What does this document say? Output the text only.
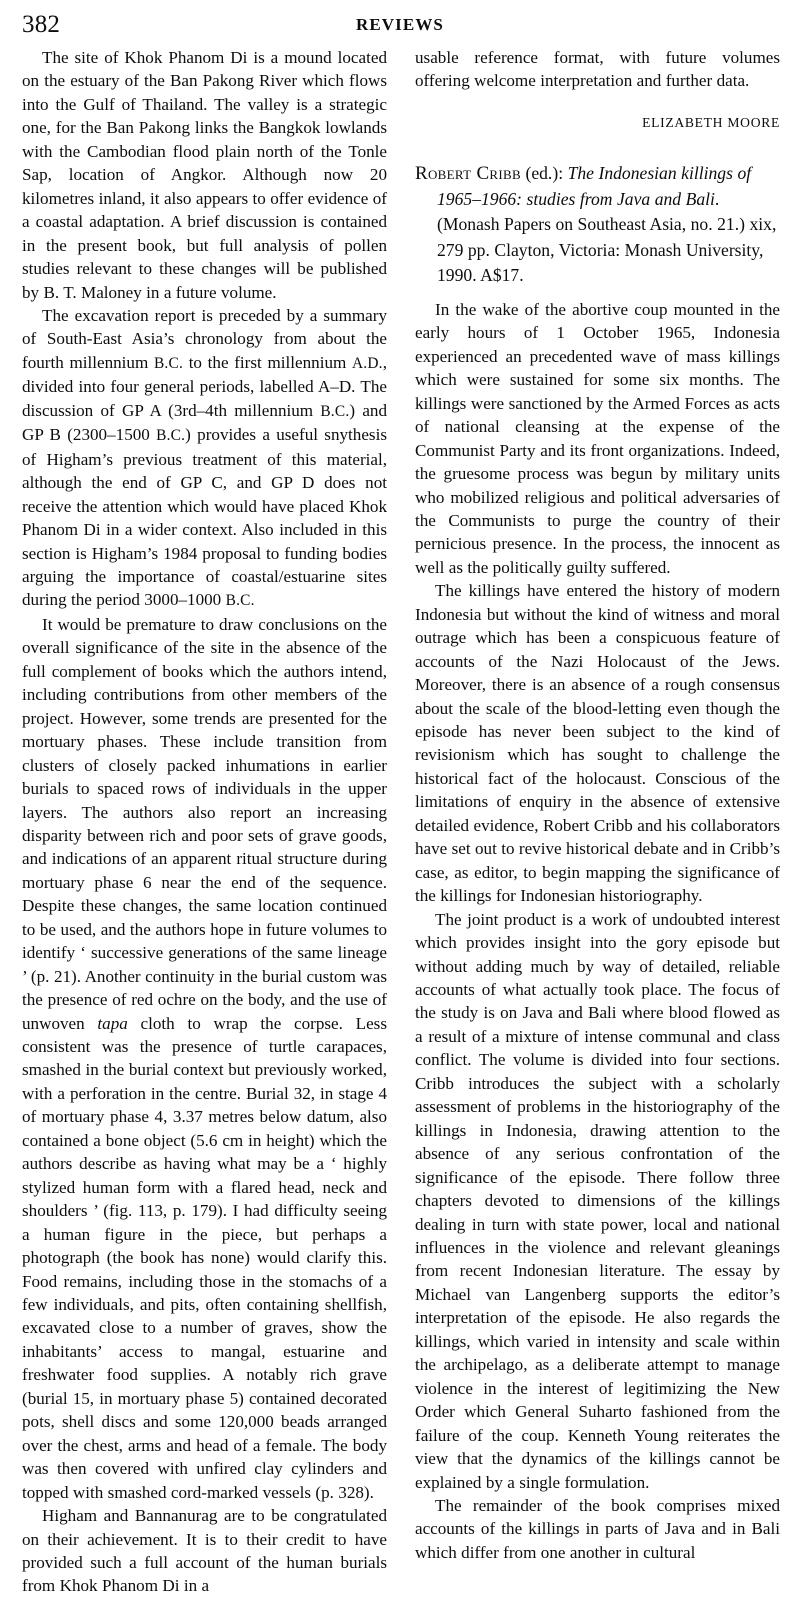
382	REVIEWS

The site of Khok Phanom Di is a mound located on the estuary of the Ban Pakong River which flows into the Gulf of Thailand. The valley is a strategic one, for the Ban Pakong links the Bangkok lowlands with the Cambodian flood plain north of the Tonle Sap, location of Angkor. Although now 20 kilometres inland, it also appears to offer evidence of a coastal adaptation. A brief discussion is contained in the present book, but full analysis of pollen studies relevant to these changes will be published by B. T. Maloney in a future volume.

The excavation report is preceded by a summary of South-East Asia’s chronology from about the fourth millennium B.C. to the first millennium A.D., divided into four general periods, labelled A–D. The discussion of GP A (3rd–4th millennium B.C.) and GP B (2300–1500 B.C.) provides a useful snythesis of Higham’s previous treatment of this material, although the end of GP C, and GP D does not receive the attention which would have placed Khok Phanom Di in a wider context. Also included in this section is Higham’s 1984 proposal to funding bodies arguing the importance of coastal/estuarine sites during the period 3000–1000 B.C.

It would be premature to draw conclusions on the overall significance of the site in the absence of the full complement of books which the authors intend, including contributions from other members of the project. However, some trends are presented for the mortuary phases. These include transition from clusters of closely packed inhumations in earlier burials to spaced rows of individuals in the upper layers. The authors also report an increasing disparity between rich and poor sets of grave goods, and indications of an apparent ritual structure during mortuary phase 6 near the end of the sequence. Despite these changes, the same location continued to be used, and the authors hope in future volumes to identify ‘ successive generations of the same lineage ’ (p. 21). Another continuity in the burial custom was the presence of red ochre on the body, and the use of unwoven tapa cloth to wrap the corpse. Less consistent was the presence of turtle carapaces, smashed in the burial context but previously worked, with a perforation in the centre. Burial 32, in stage 4 of mortuary phase 4, 3.37 metres below datum, also contained a bone object (5.6 cm in height) which the authors describe as having what may be a ‘ highly stylized human form with a flared head, neck and shoulders ’ (fig. 113, p. 179). I had difficulty seeing a human figure in the piece, but perhaps a photograph (the book has none) would clarify this. Food remains, including those in the stomachs of a few individuals, and pits, often containing shellfish, excavated close to a number of graves, show the inhabitants’ access to mangal, estuarine and freshwater food supplies. A notably rich grave (burial 15, in mortuary phase 5) contained decorated pots, shell discs and some 120,000 beads arranged over the chest, arms and head of a female. The body was then covered with unfired clay cylinders and topped with smashed cord-marked vessels (p. 328).

Higham and Bannanurag are to be congratulated on their achievement. It is to their credit to have provided such a full account of the human burials from Khok Phanom Di in a

usable reference format, with future volumes offering welcome interpretation and further data.

ELIZABETH MOORE

Robert Cribb (ed.): The Indonesian killings of 1965–1966: studies from Java and Bali. (Monash Papers on Southeast Asia, no. 21.) xix, 279 pp. Clayton, Victoria: Monash University, 1990. A$17.

In the wake of the abortive coup mounted in the early hours of 1 October 1965, Indonesia experienced an precedented wave of mass killings which were sustained for some six months. The killings were sanctioned by the Armed Forces as acts of national cleansing at the expense of the Communist Party and its front organizations. Indeed, the gruesome process was begun by military units who mobilized religious and political adversaries of the Communists to purge the country of their pernicious presence. In the process, the innocent as well as the politically guilty suffered.

The killings have entered the history of modern Indonesia but without the kind of witness and moral outrage which has been a conspicuous feature of accounts of the Nazi Holocaust of the Jews. Moreover, there is an absence of a rough consensus about the scale of the blood-letting even though the episode has never been subject to the kind of revisionism which has sought to challenge the historical fact of the holocaust. Conscious of the limitations of enquiry in the absence of extensive detailed evidence, Robert Cribb and his collaborators have set out to revive historical debate and in Cribb’s case, as editor, to begin mapping the significance of the killings for Indonesian historiography.

The joint product is a work of undoubted interest which provides insight into the gory episode but without adding much by way of detailed, reliable accounts of what actually took place. The focus of the study is on Java and Bali where blood flowed as a result of a mixture of intense communal and class conflict. The volume is divided into four sections. Cribb introduces the subject with a scholarly assessment of problems in the historiography of the killings in Indonesia, drawing attention to the absence of any serious confrontation of the significance of the episode. There follow three chapters devoted to dimensions of the killings dealing in turn with state power, local and national influences in the violence and relevant gleanings from recent Indonesian literature. The essay by Michael van Langenberg supports the editor’s interpretation of the episode. He also regards the killings, which varied in intensity and scale within the archipelago, as a deliberate attempt to manage violence in the interest of legitimizing the New Order which General Suharto fashioned from the failure of the coup. Kenneth Young reiterates the view that the dynamics of the killings cannot be explained by a single formulation.

The remainder of the book comprises mixed accounts of the killings in parts of Java and in Bali which differ from one another in cultural
